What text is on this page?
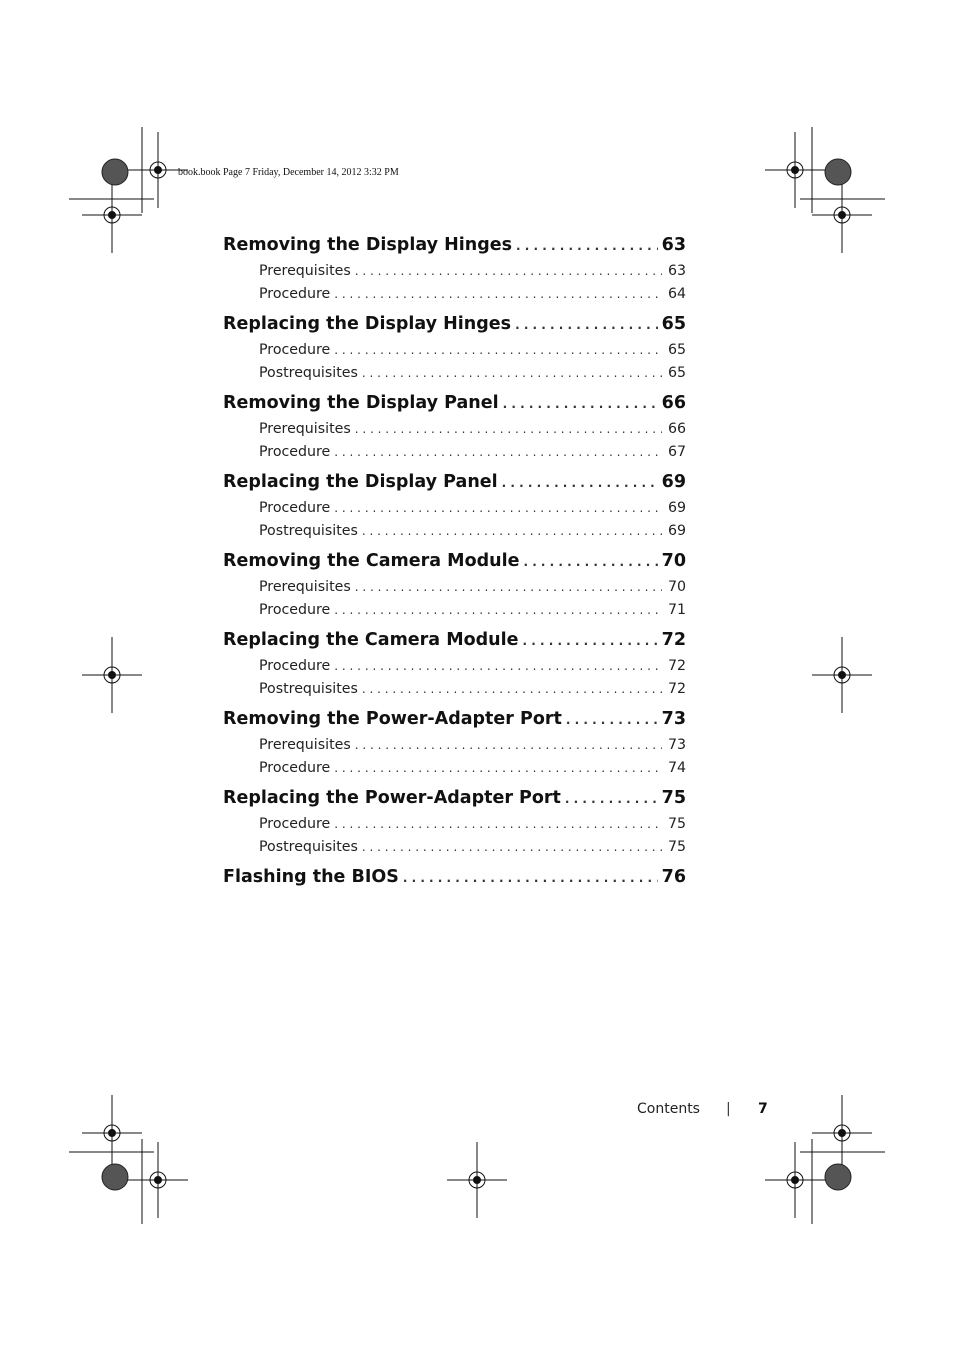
book.book Page 7 Friday, December 14, 2012 3:32 PM
Removing the Display Hinges . . .	63
Prerequisites . . .	63
Procedure . . .	64
Replacing the Display Hinges . . .	65
Procedure . . .	65
Postrequisites . . .	65
Removing the Display Panel . . .	66
Prerequisites . . .	66
Procedure . . .	67
Replacing the Display Panel . . .	69
Procedure . . .	69
Postrequisites . . .	69
Removing the Camera Module . . .	70
Prerequisites . . .	70
Procedure . . .	71
Replacing the Camera Module . . .	72
Procedure . . .	72
Postrequisites . . .	72
Removing the Power-Adapter Port . . .	73
Prerequisites . . .	73
Procedure . . .	74
Replacing the Power-Adapter Port . . .	75
Procedure . . .	75
Postrequisites . . .	75
Flashing the BIOS . . .	76
Contents | 7
